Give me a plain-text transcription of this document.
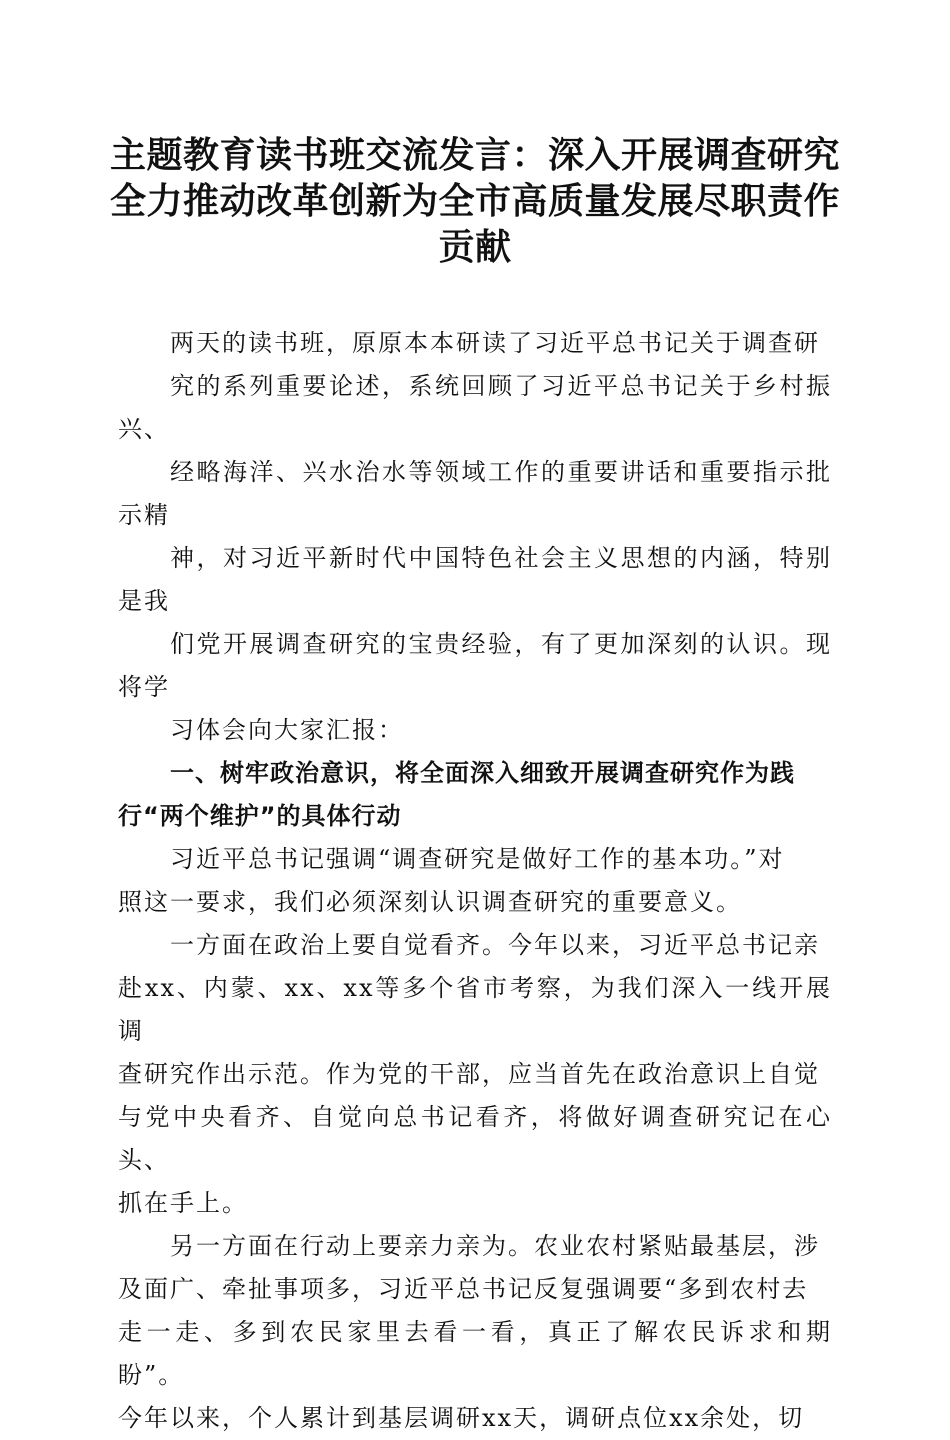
主题教育读书班交流发言：深入开展调查研究
全力推动改革创新为全市高质量发展尽职责作
贡献

两天的读书班，原原本本研读了习近平总书记关于调查研
究的系列重要论述，系统回顾了习近平总书记关于乡村振兴、
经略海洋、兴水治水等领域工作的重要讲话和重要指示批示精
神，对习近平新时代中国特色社会主义思想的内涵，特别是我
们党开展调查研究的宝贵经验，有了更加深刻的认识。现将学
习体会向大家汇报：

一、树牢政治意识，将全面深入细致开展调查研究作为践
行“两个维护”的具体行动

习近平总书记强调“调查研究是做好工作的基本功。”对
照这一要求，我们必须深刻认识调查研究的重要意义。

一方面在政治上要自觉看齐。今年以来，习近平总书记亲
赴xx、内蒙、xx、xx等多个省市考察，为我们深入一线开展调
查研究作出示范。作为党的干部，应当首先在政治意识上自觉
与党中央看齐、自觉向总书记看齐，将做好调查研究记在心头、
抓在手上。

另一方面在行动上要亲力亲为。农业农村紧贴最基层，涉
及面广、牵扯事项多，习近平总书记反复强调要“多到农村去
走一走、多到农民家里去看一看，真正了解农民诉求和期盼”。
今年以来，个人累计到基层调研xx天，调研点位xx余处，切
